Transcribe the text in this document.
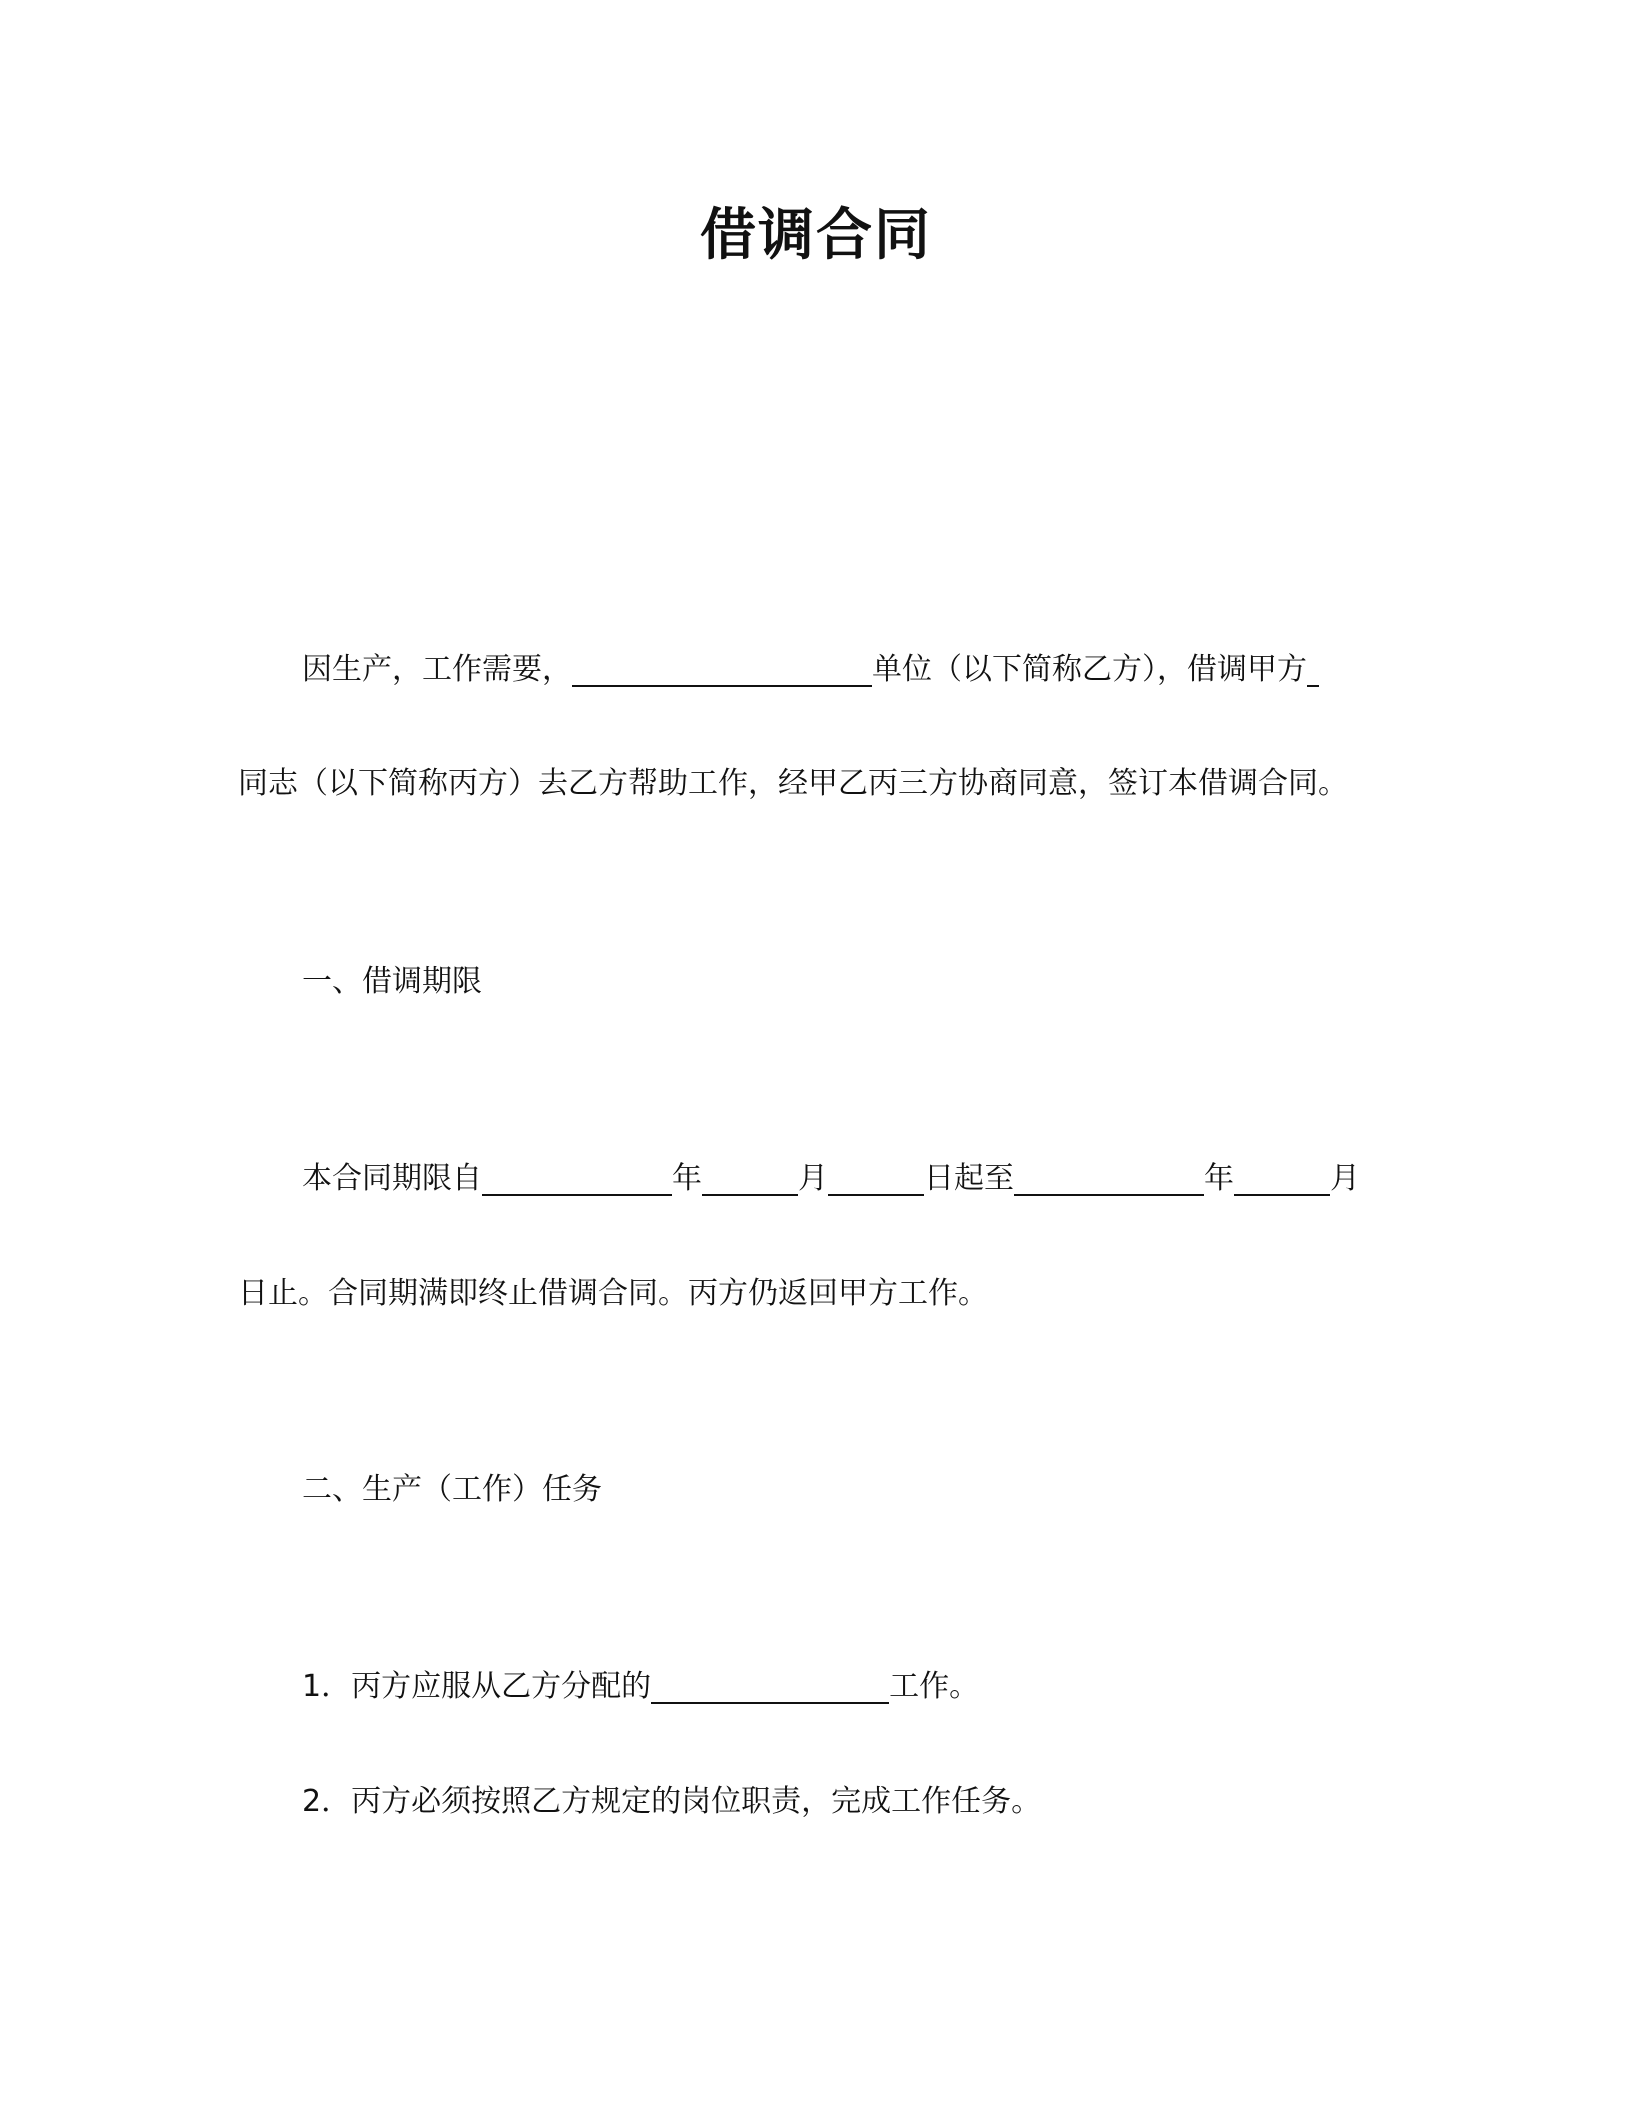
借调合同
因生产，工作需要，	单位（以下简称乙方），借调甲方
同志（以下简称丙方）去乙方帮助工作，经甲乙丙三方协商同意，签订本借调合同。
一、借调期限
本合同期限自	年	月	日起至	年	月
日止。合同期满即终止借调合同。丙方仍返回甲方工作。
二、生产（工作）任务
1．丙方应服从乙方分配的	工作。
2．丙方必须按照乙方规定的岗位职责，完成工作任务。
